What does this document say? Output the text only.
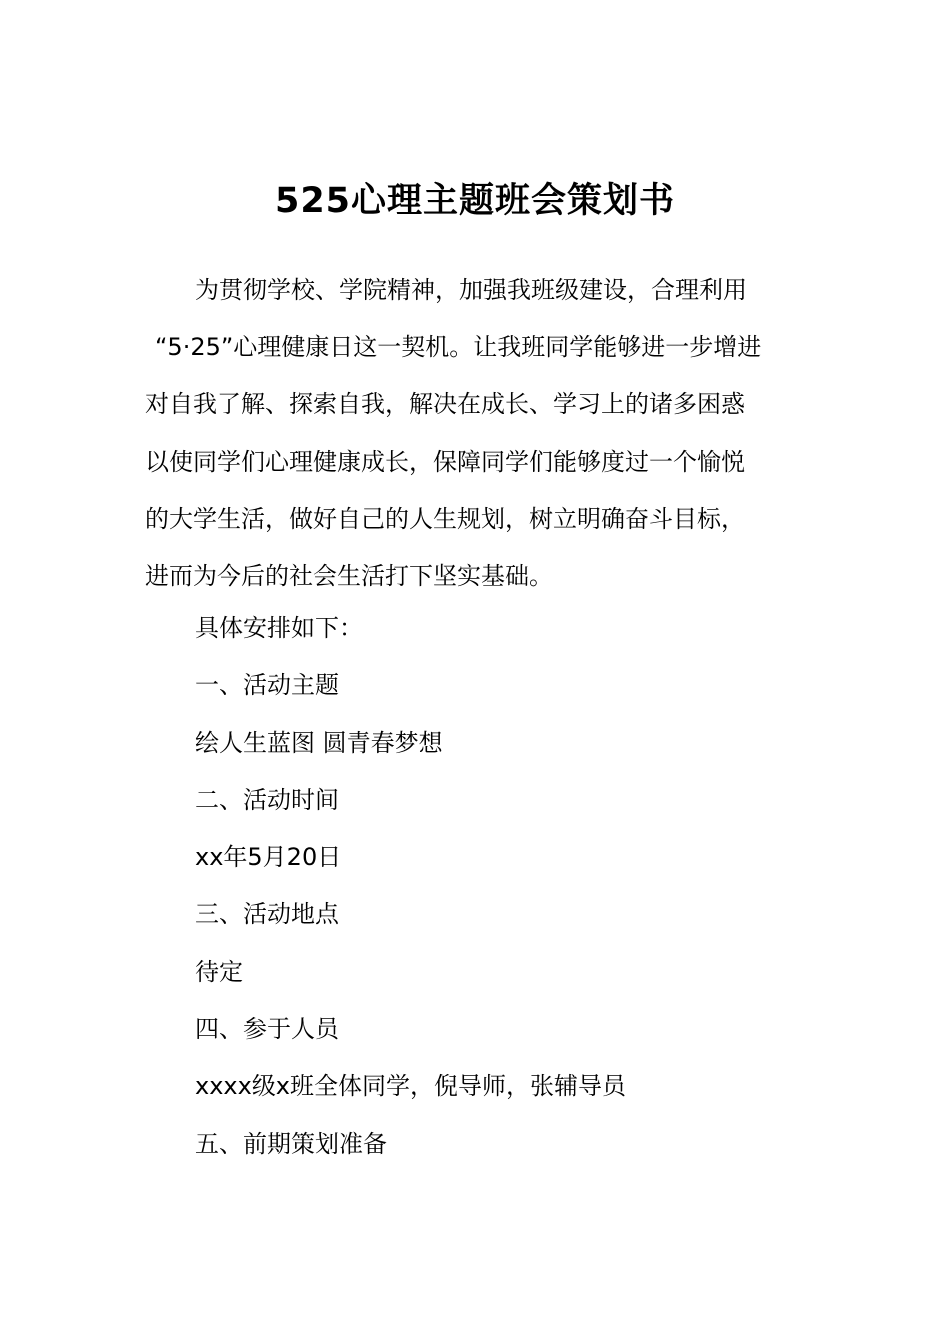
525心理主题班会策划书
为贯彻学校、学院精神，加强我班级建设，合理利用
“5·25”心理健康日这一契机。让我班同学能够进一步增进
对自我了解、探索自我，解决在成长、学习上的诸多困惑
以使同学们心理健康成长，保障同学们能够度过一个愉悦
的大学生活，做好自己的人生规划，树立明确奋斗目标，
进而为今后的社会生活打下坚实基础。
具体安排如下：
一、活动主题
绘人生蓝图 圆青春梦想
二、活动时间
xx年5月20日
三、活动地点
待定
四、参于人员
xxxx级x班全体同学，倪导师，张辅导员
五、前期策划准备
